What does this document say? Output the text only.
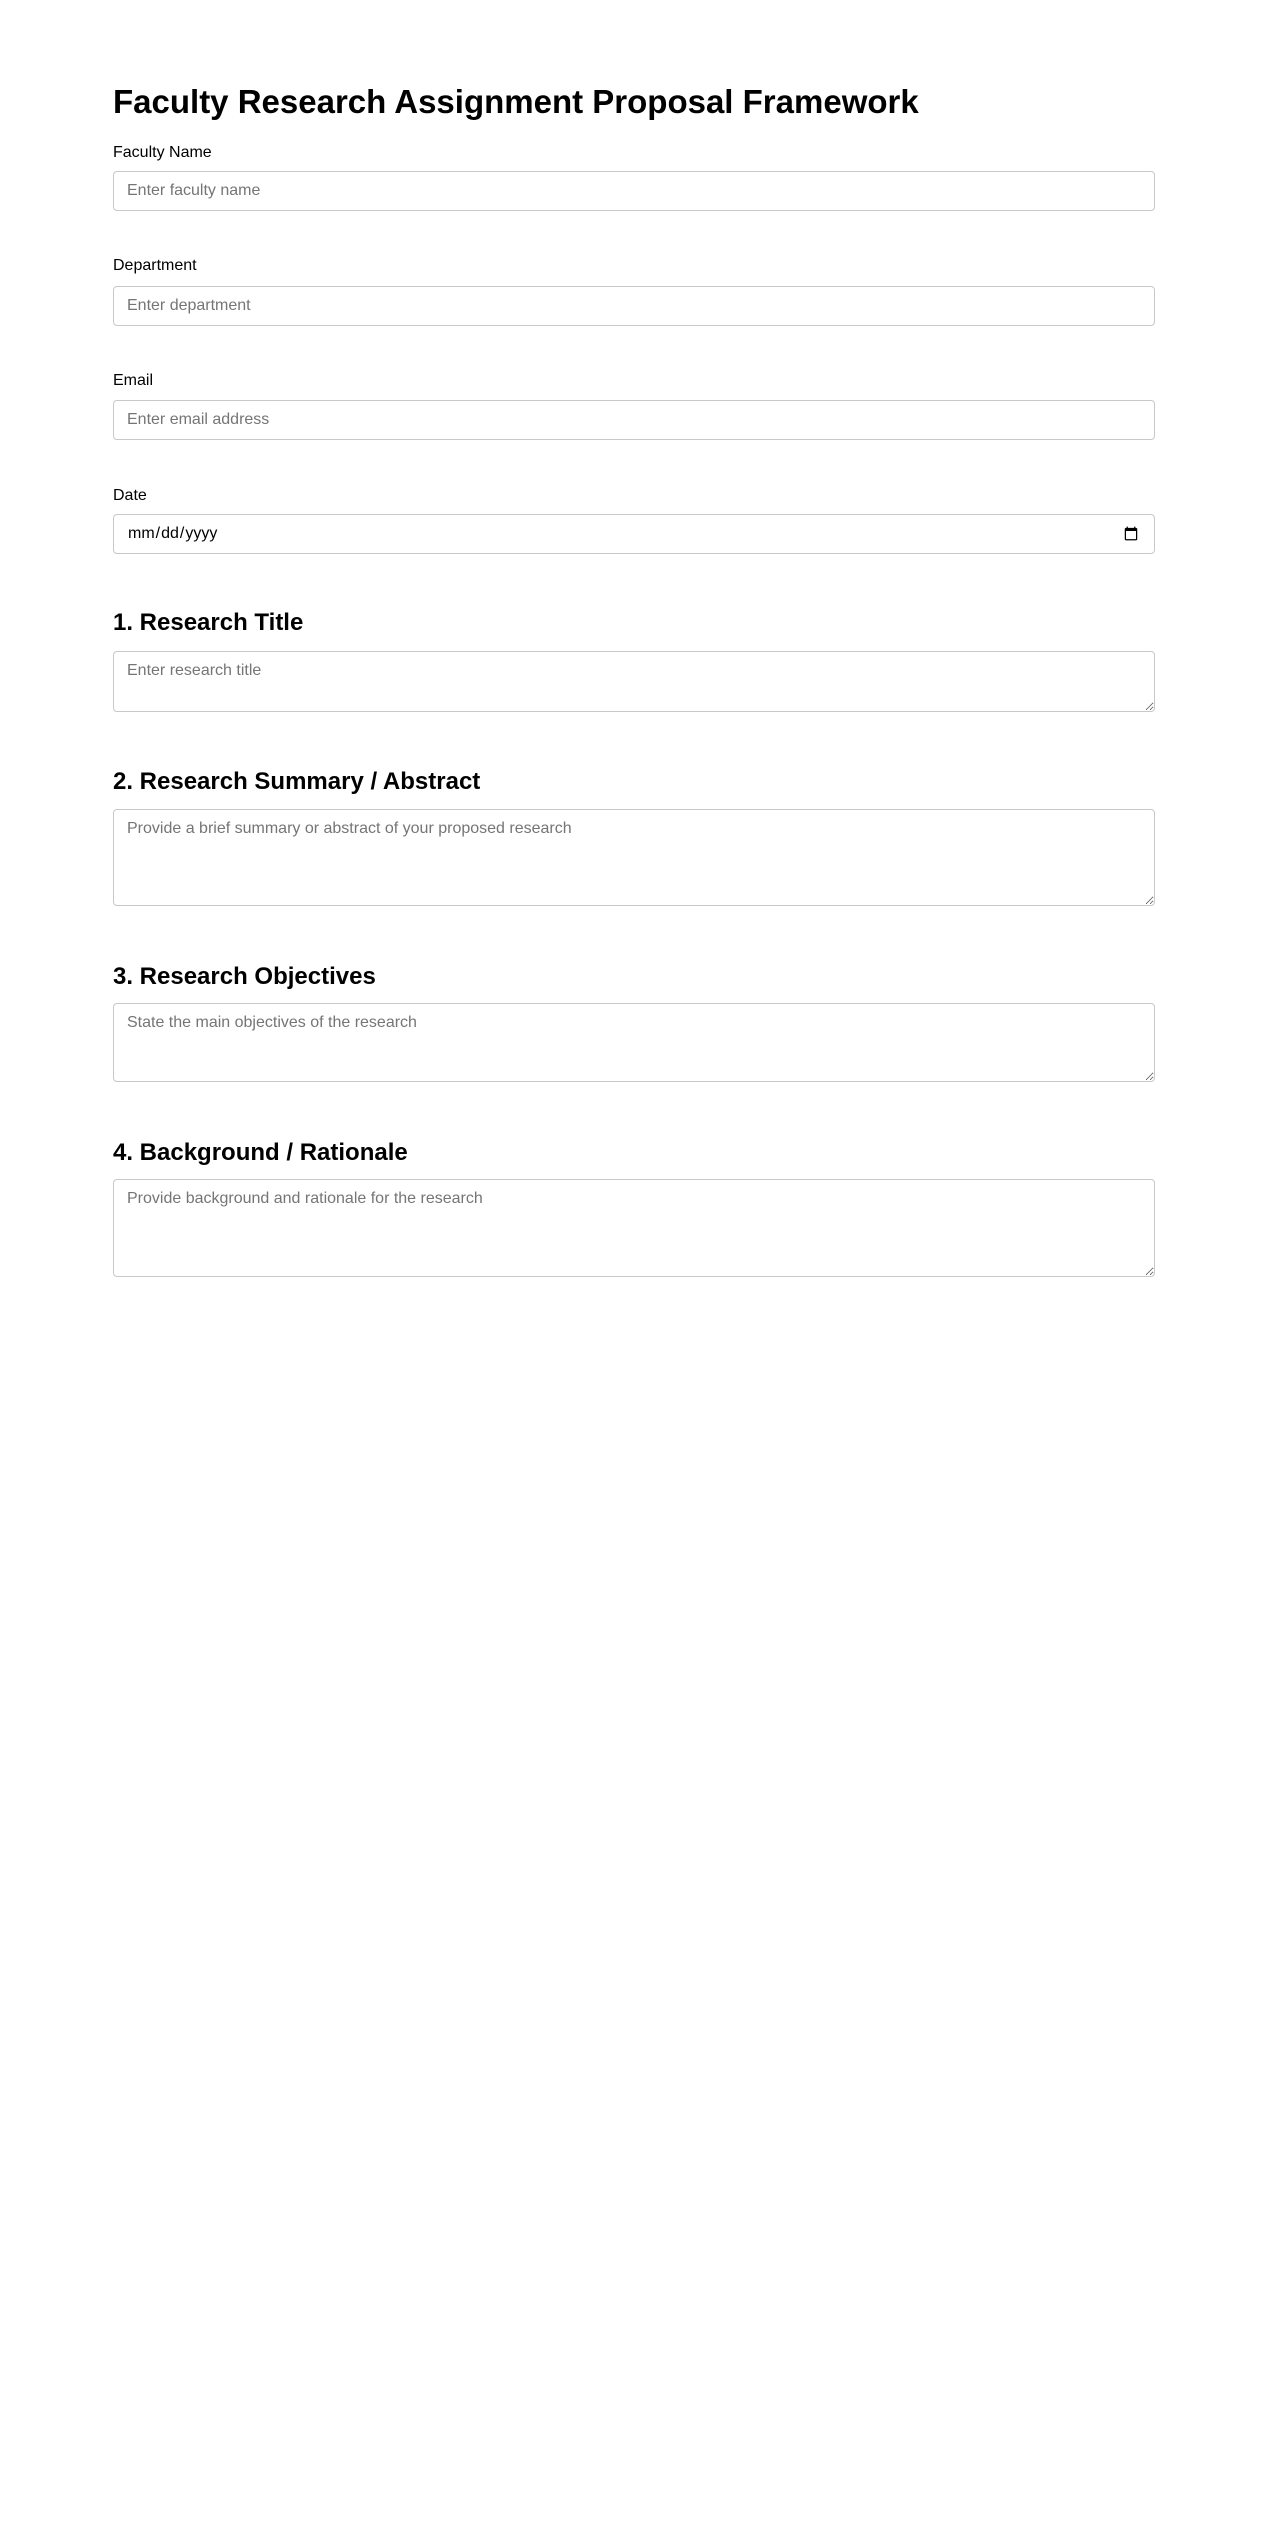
Faculty Research Assignment Proposal Framework
Faculty Name
Enter faculty name
Department
Enter department
Email
Enter email address
Date
mm/dd/yyyy
1. Research Title
Enter research title
2. Research Summary / Abstract
Provide a brief summary or abstract of your proposed research
3. Research Objectives
State the main objectives of the research
4. Background / Rationale
Provide background and rationale for the research
